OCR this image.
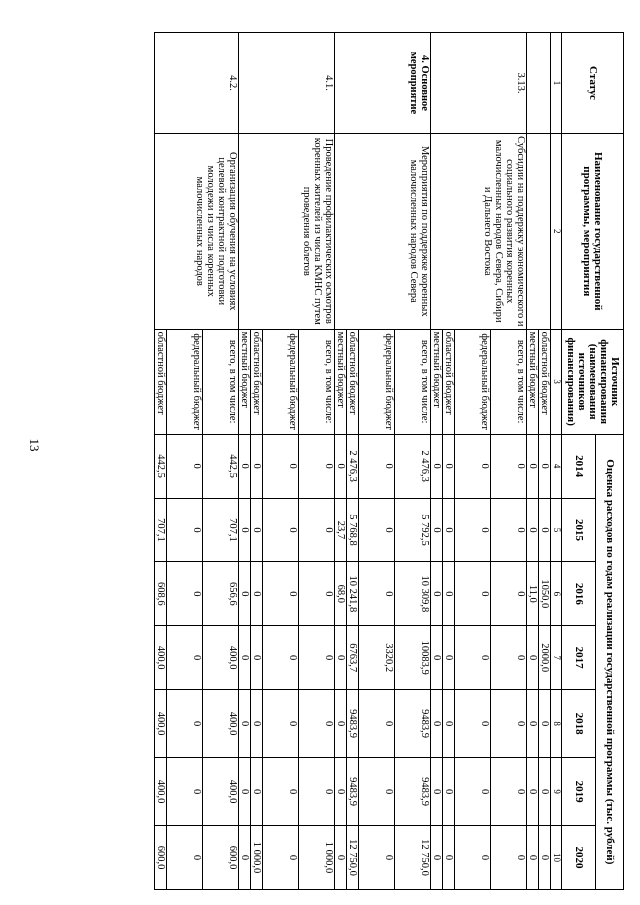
13
Статус	Наименование государственной программы, мероприятия	Источник финансирования (наименования источников финансирования)	Оценка расходов по годам реализации государственной программы (тыс. рублей)						
			2014	2015	2016	2017	2018	2019	2020
1	2	3	4	5	6	7	8	9	10
		областной бюджет	0	0	1050,0	2000,0	0	0	0
		местный бюджет	0	0	11,0	0	0	0	0
3.13.	Субсидии на поддержку экономического и социального развития коренных малочисленных народов Севера, Сибири и Дальнего Востока	всего, в том числе:	0	0	0	0	0	0	0
		федеральный бюджет	0	0	0	0	0	0	0
		областной бюджет	0	0	0	0	0	0	0
		местный бюджет	0	0	0	0	0	0	0
4. Основное мероприятие	Мероприятия по поддержке коренных малочисленных народов Севера	всего, в том числе:	2 476,3	5 792,5	10 309,8	10083,9	9483,9	9483,9	12 750,0
		федеральный бюджет	0	0	0	3320,2	0	0	0
		областной бюджет	2 476,3	5 768,8	10 241,8	6763,7	9483,9	9483,9	12 750,0
		местный бюджет	0	23,7	68,0	0	0	0	0
4.1.	Проведение профилактических осмотров коренных жителей из числа КМНС путем проведения облетов	всего, в том числе:	0	0	0	0	0	0	1 000,0
		федеральный бюджет	0	0	0	0	0	0	0
		областной бюджет	0	0	0	0	0	0	1 000,0
		местный бюджет	0	0	0	0	0	0	0
4.2.	Организация обучения на условиях целевой контрактной подготовки молодежи из числа коренных малочисленных народов	всего, в том числе:	442,5	707,1	656,6	400,0	400,0	400,0	600,0
		федеральный бюджет	0	0	0	0	0	0	0
		областной бюджет	442,5	707,1	608,6	400,0	400,0	400,0	600,0
